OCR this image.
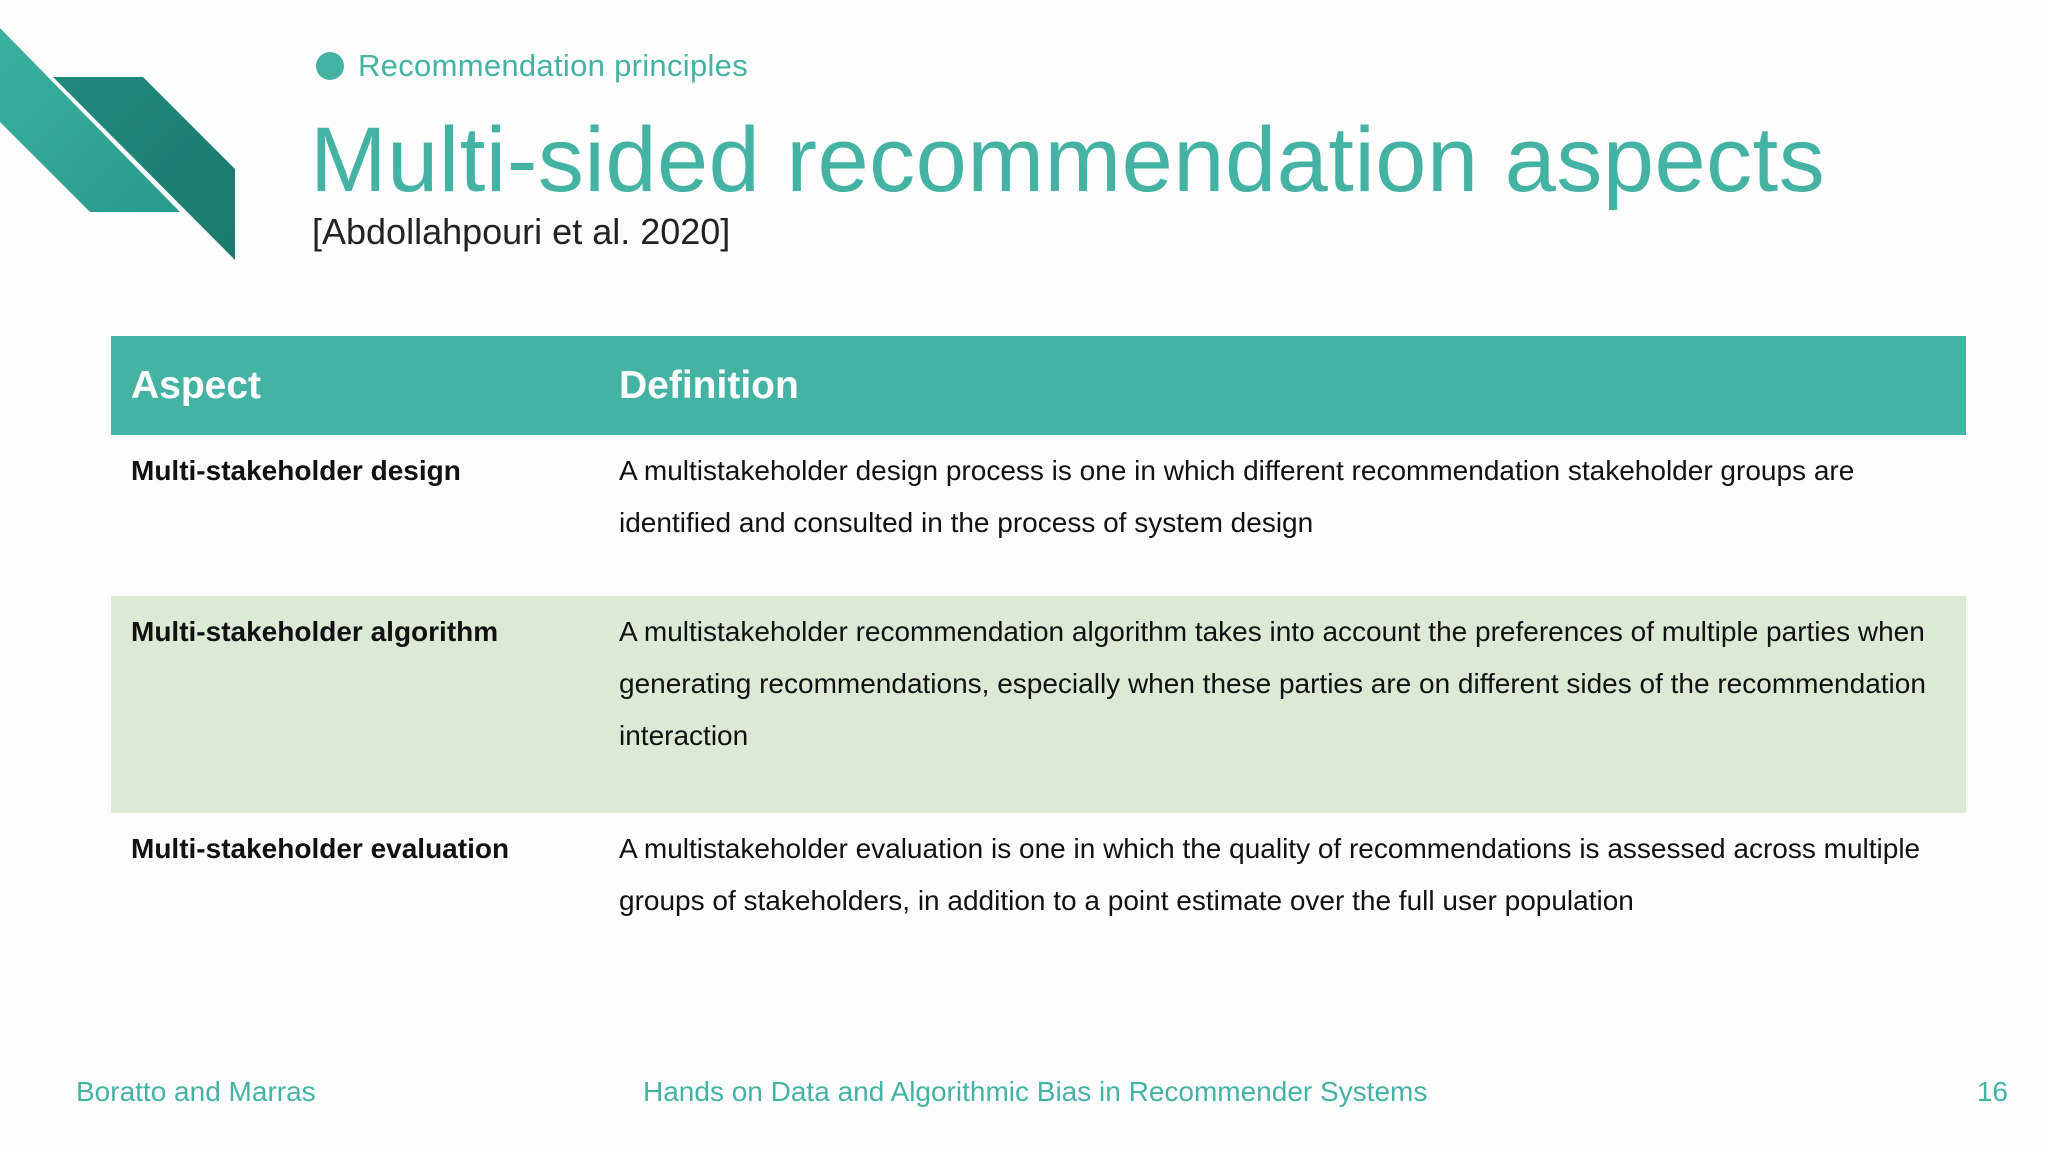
Recommendation principles
Multi-sided recommendation aspects
[Abdollahpouri et al. 2020]
Aspect	Definition
Multi-stakeholder design	A multistakeholder design process is one in which different recommendation stakeholder groups are identified and consulted in the process of system design
Multi-stakeholder algorithm	A multistakeholder recommendation algorithm takes into account the preferences of multiple parties when generating recommendations, especially when these parties are on different sides of the recommendation interaction
Multi-stakeholder evaluation	A multistakeholder evaluation is one in which the quality of recommendations is assessed across multiple groups of stakeholders, in addition to a point estimate over the full user population
Boratto and Marras	Hands on Data and Algorithmic Bias in Recommender Systems	16
